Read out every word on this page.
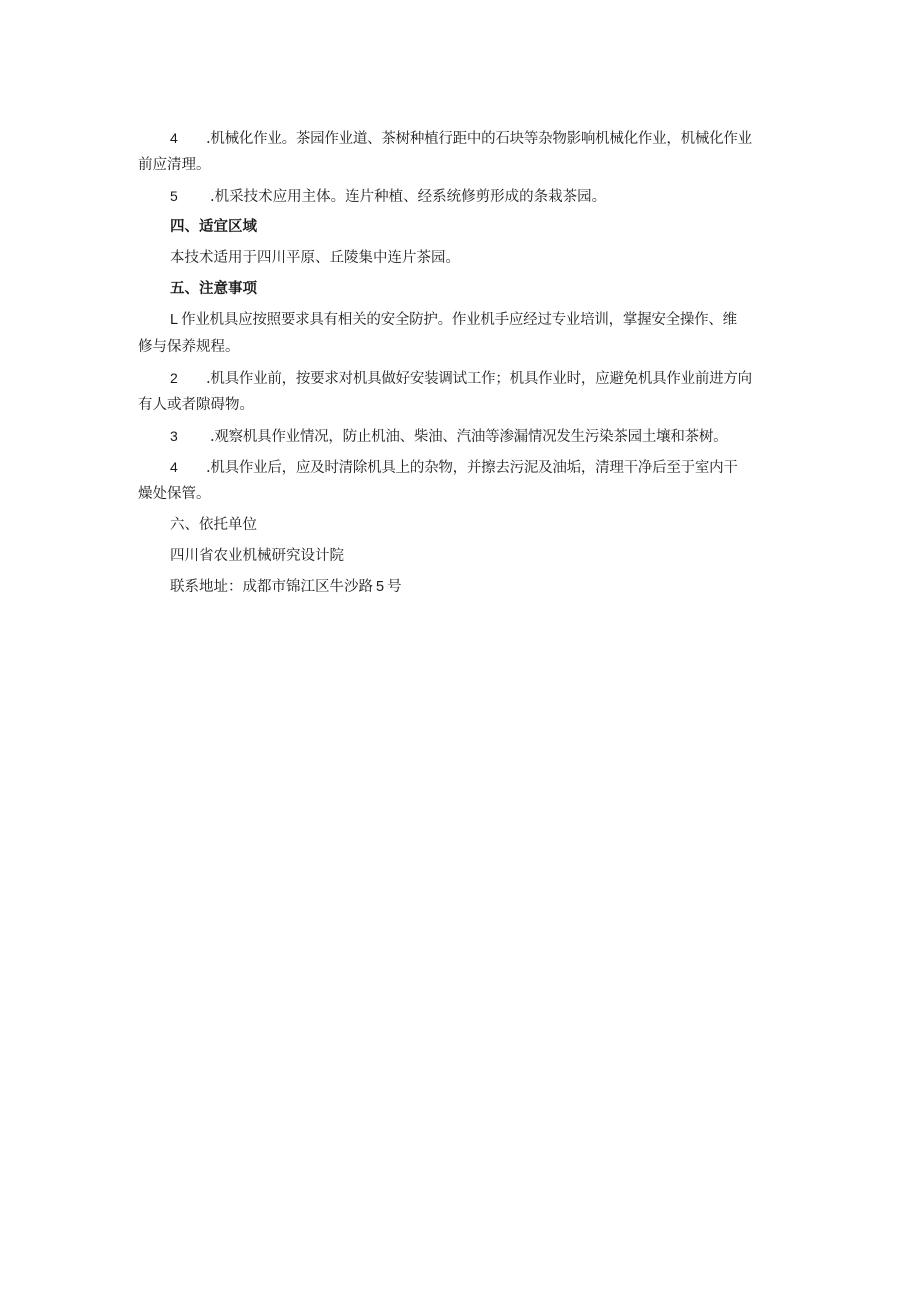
4 .机械化作业。茶园作业道、茶树种植行距中的石块等杂物影响机械化作业，机械化作业
前应清理。
5 .机采技术应用主体。连片种植、经系统修剪形成的条栽茶园。
四、适宜区域
本技术适用于四川平原、丘陵集中连片茶园。
五、注意事项
L 作业机具应按照要求具有相关的安全防护。作业机手应经过专业培训，掌握安全操作、维
修与保养规程。
2 .机具作业前，按要求对机具做好安装调试工作；机具作业时，应避免机具作业前进方向
有人或者隙碍物。
3 .观察机具作业情况，防止机油、柴油、汽油等渗漏情况发生污染茶园土壤和茶树。
4 .机具作业后，应及时清除机具上的杂物，并擦去污泥及油垢，清理干净后至于室内干
燥处保管。
六、依托单位
四川省农业机械研究设计院
联系地址：成都市锦江区牛沙路 5 号
